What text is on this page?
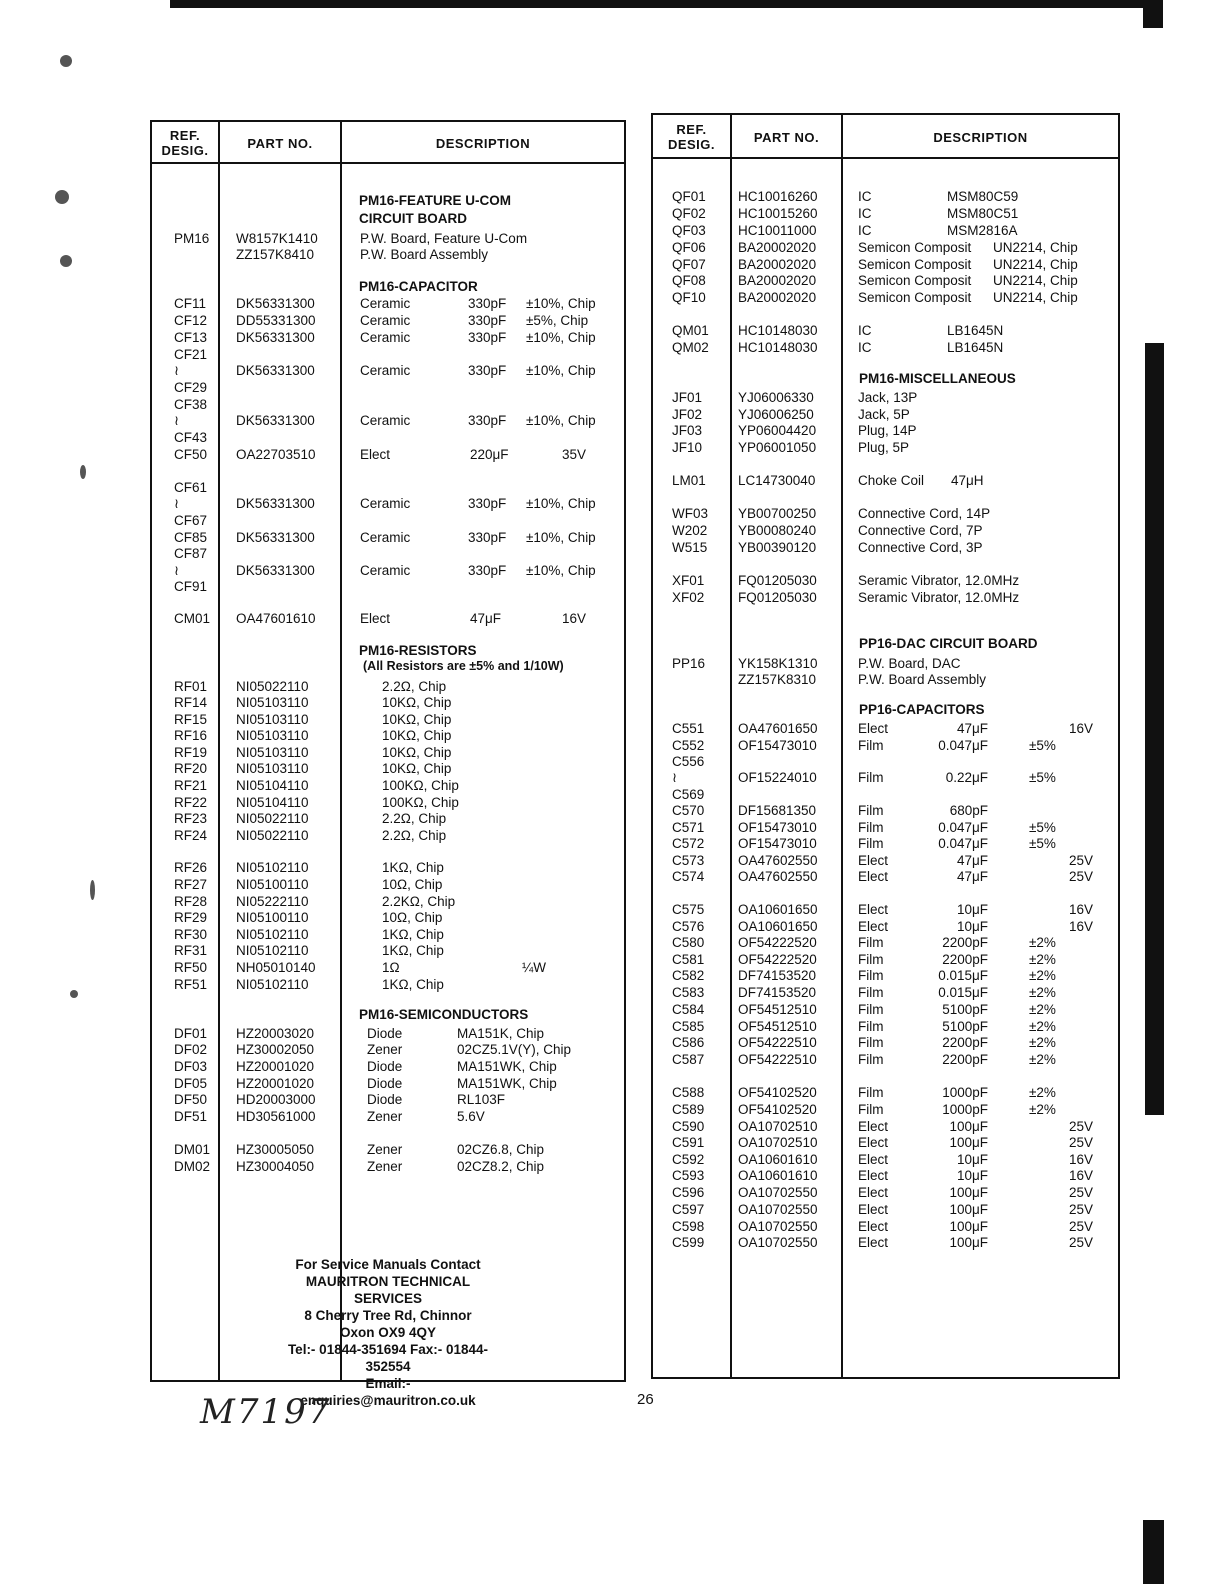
REF. DESIG.	PART NO.	DESCRIPTION
(All Resistors are ±5% and 1/10W)
PM16-FEATURE U-COM
CIRCUIT BOARD
PM16-CAPACITOR
PM16-RESISTORS
PM16-SEMICONDUCTORS
PM16 W8157K1410	P.W. Board, Feature U-Com
ZZ157K8410	P.W. Board Assembly
CF11 DK56331300	Ceramic	330pF ±10%, Chip
CF12 DD55331300	Ceramic	330pF ±5%, Chip
CF13 DK56331300	Ceramic	330pF ±10%, Chip
CF21
≀	DK56331300	Ceramic	330pF ±10%, Chip
CF29
CF38
≀	DK56331300	Ceramic	330pF ±10%, Chip
CF43
CF50 OA22703510	Elect	220μF	35V
CF61
≀	DK56331300	Ceramic	330pF ±10%, Chip
CF67
CF85 DK56331300	Ceramic	330pF ±10%, Chip
CF87
≀	DK56331300	Ceramic	330pF ±10%, Chip
CF91
CM01 OA47601610	Elect	47μF	16V
RF01 NI05022110	2.2Ω, Chip
RF14 NI05103110	10KΩ, Chip
RF15 NI05103110	10KΩ, Chip
RF16 NI05103110	10KΩ, Chip
RF19 NI05103110	10KΩ, Chip
RF20 NI05103110	10KΩ, Chip
RF21 NI05104110	100KΩ, Chip
RF22 NI05104110	100KΩ, Chip
RF23 NI05022110	2.2Ω, Chip
RF24 NI05022110	2.2Ω, Chip
RF26 NI05102110	1KΩ, Chip
RF27 NI05100110	10Ω, Chip
RF28 NI05222110	2.2KΩ, Chip
RF29 NI05100110	10Ω, Chip
RF30 NI05102110	1KΩ, Chip
RF31 NI05102110	1KΩ, Chip
RF50 NH05010140	1Ω	¼W
RF51 NI05102110	1KΩ, Chip
DF01 HZ20003020	Diode	MA151K, Chip
DF02 HZ30002050	Zener	02CZ5.1V(Y), Chip
DF03 HZ20001020	Diode	MA151WK, Chip
DF05 HZ20001020	Diode	MA151WK, Chip
DF50 HD20003000	Diode	RL103F
DF51 HD30561000	Zener	5.6V
DM01 HZ30005050	Zener	02CZ6.8, Chip
DM02 HZ30004050	Zener	02CZ8.2, Chip
REF. DESIG.	PART NO.	DESCRIPTION
PM16-MISCELLANEOUS
PP16-DAC CIRCUIT BOARD
PP16-CAPACITORS
QF01 HC10016260	IC	MSM80C59
QF02 HC10015260	IC	MSM80C51
QF03 HC10011000	IC	MSM2816A
QF06 BA20002020	Semicon Composit UN2214, Chip
QF07 BA20002020	Semicon Composit UN2214, Chip
QF08 BA20002020	Semicon Composit UN2214, Chip
QF10 BA20002020	Semicon Composit UN2214, Chip
QM01 HC10148030	IC	LB1645N
QM02 HC10148030	IC	LB1645N
JF01	YJ06006330	Jack, 13P
JF02	YJ06006250	Jack, 5P
JF03	YP06004420	Plug, 14P
JF10	YP06001050	Plug, 5P
LM01 LC14730040	Choke Coil 47μH
WF03 YB00700250	Connective Cord, 14P
W202 YB00080240	Connective Cord, 7P
W515 YB00390120	Connective Cord, 3P
XF01 FQ01205030	Seramic Vibrator, 12.0MHz
XF02 FQ01205030	Seramic Vibrator, 12.0MHz
PP16 YK158K1310	P.W. Board, DAC
ZZ157K8310	P.W. Board Assembly
C551 OA47601650	Elect	47μF	16V
C552 OF15473010	Film	0.047μF	±5%
C556
≀	OF15224010	Film	0.22μF	±5%
C569
C570 DF15681350	Film	680pF
C571 OF15473010	Film	0.047μF	±5%
C572 OF15473010	Film	0.047μF	±5%
C573 OA47602550	Elect	47μF	25V
C574 OA47602550	Elect	47μF	25V
C575 OA10601650	Elect	10μF	16V
C576 OA10601650	Elect	10μF	16V
C580 OF54222520	Film	2200pF	±2%
C581 OF54222520	Film	2200pF	±2%
C582 DF74153520	Film	0.015μF	±2%
C583 DF74153520	Film	0.015μF	±2%
C584 OF54512510	Film	5100pF	±2%
C585 OF54512510	Film	5100pF	±2%
C586 OF54222510	Film	2200pF	±2%
C587 OF54222510	Film	2200pF	±2%
C588 OF54102520	Film	1000pF	±2%
C589 OF54102520	Film	1000pF	±2%
C590 OA10702510	Elect	100μF	25V
C591 OA10702510	Elect	100μF	25V
C592 OA10601610	Elect	10μF	16V
C593 OA10601610	Elect	10μF	16V
C596 OA10702550	Elect	100μF	25V
C597 OA10702550	Elect	100μF	25V
C598 OA10702550	Elect	100μF	25V
C599 OA10702550	Elect	100μF	25V
For Service Manuals Contact
MAURITRON TECHNICAL SERVICES
8 Cherry Tree Rd, Chinnor
Oxon OX9 4QY
Tel:- 01844-351694 Fax:- 01844-352554
Email:- enquiries@mauritron.co.uk	26
M7197
